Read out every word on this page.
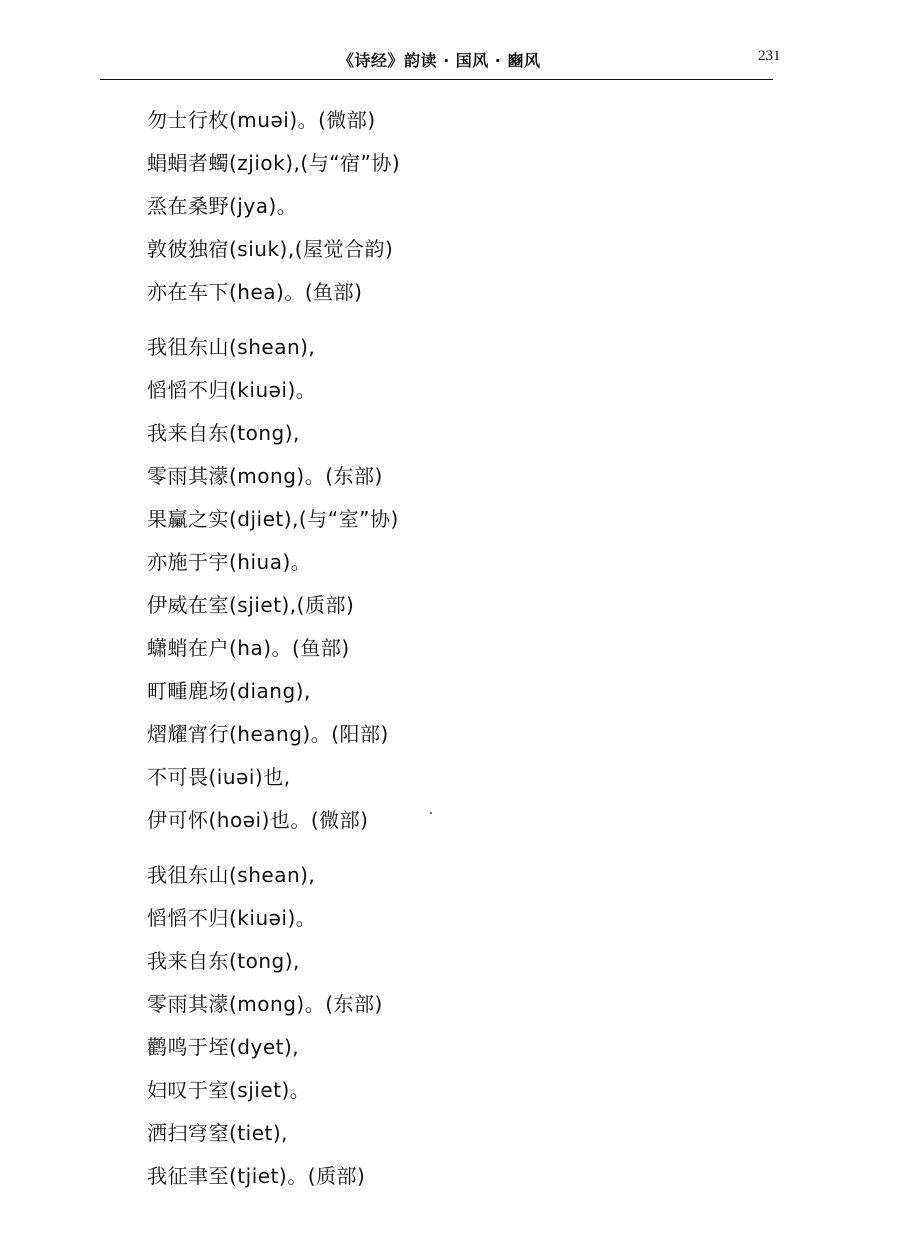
《诗经》韵读 · 国风 · 豳风	231
勿士行枚(muəi)。(微部)
蜎蜎者蠋(zjiok),(与“宿”协)
烝在桑野(jya)。
敦彼独宿(siuk),(屋觉合韵)
亦在车下(hea)。(鱼部)
我徂东山(shean),
慆慆不归(kiuəi)。
我来自东(tong),
零雨其濛(mong)。(东部)
果臝之实(djiet),(与“室”协)
亦施于宇(hiua)。
伊威在室(sjiet),(质部)
蟏蛸在户(ha)。(鱼部)
町畽鹿场(diang),
熠耀宵行(heang)。(阳部)
不可畏(iuəi)也,
伊可怀(hoəi)也。(微部)
我徂东山(shean),
慆慆不归(kiuəi)。
我来自东(tong),
零雨其濛(mong)。(东部)
鹳鸣于垤(dyet),
妇叹于室(sjiet)。
洒扫穹窒(tiet),
我征聿至(tjiet)。(质部)
